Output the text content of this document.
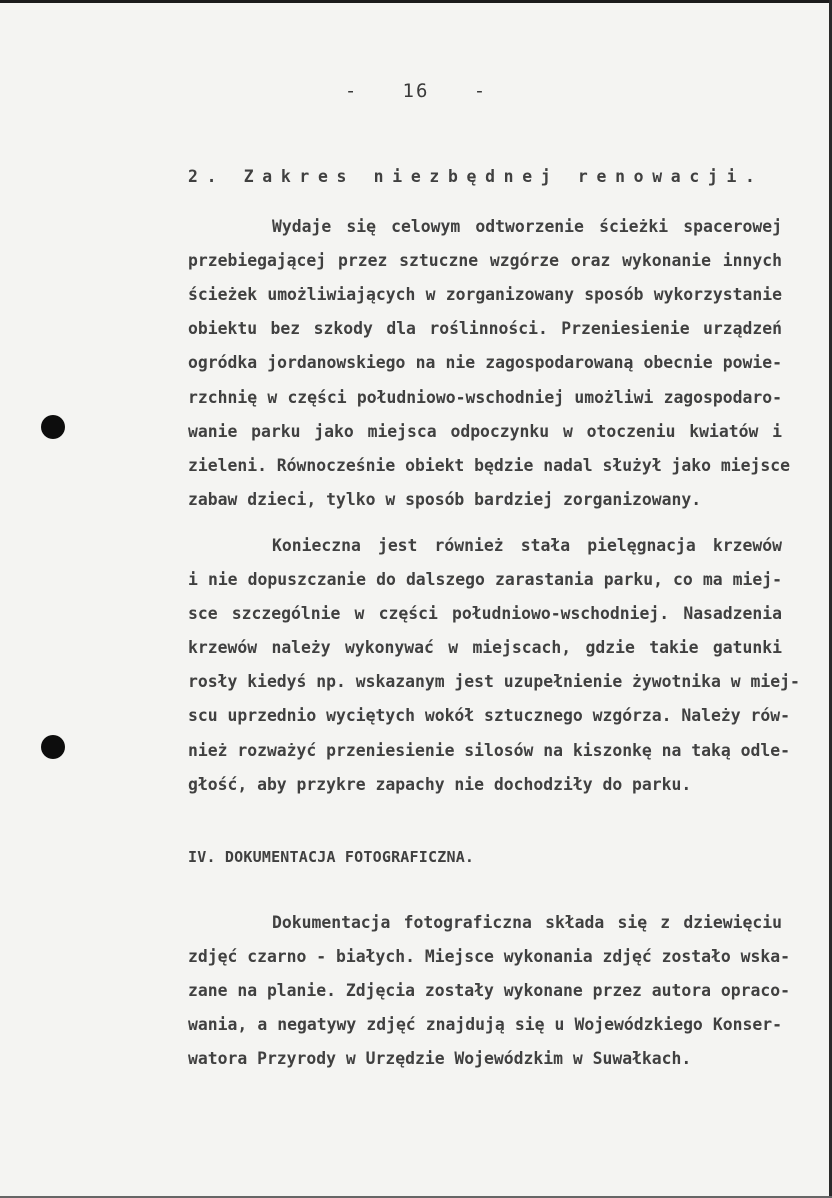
- 16 -
2. Zakres niezbędnej renowacji.
Wydaje się celowym odtworzenie ścieżki spacerowej
przebiegającej przez sztuczne wzgórze oraz wykonanie innych
ścieżek umożliwiających w zorganizowany sposób wykorzystanie
obiektu bez szkody dla roślinności. Przeniesienie urządzeń
ogródka jordanowskiego na nie zagospodarowaną obecnie powie-
rzchnię w części południowo-wschodniej umożliwi zagospodaro-
wanie parku jako miejsca odpoczynku w otoczeniu kwiatów i
zieleni. Równocześnie obiekt będzie nadal służył jako miejsce
zabaw dzieci, tylko w sposób bardziej zorganizowany.
Konieczna jest również stała pielęgnacja krzewów
i nie dopuszczanie do dalszego zarastania parku, co ma miej-
sce szczególnie w części południowo-wschodniej. Nasadzenia
krzewów należy wykonywać w miejscach, gdzie takie gatunki
rosły kiedyś np. wskazanym jest uzupełnienie żywotnika w miej-
scu uprzednio wyciętych wokół sztucznego wzgórza. Należy rów-
nież rozważyć przeniesienie silosów na kiszonkę na taką odle-
głość, aby przykre zapachy nie dochodziły do parku.
IV. DOKUMENTACJA FOTOGRAFICZNA.
Dokumentacja fotograficzna składa się z dziewięciu
zdjęć czarno - białych. Miejsce wykonania zdjęć zostało wska-
zane na planie. Zdjęcia zostały wykonane przez autora opraco-
wania, a negatywy zdjęć znajdują się u Wojewódzkiego Konser-
watora Przyrody w Urzędzie Wojewódzkim w Suwałkach.
